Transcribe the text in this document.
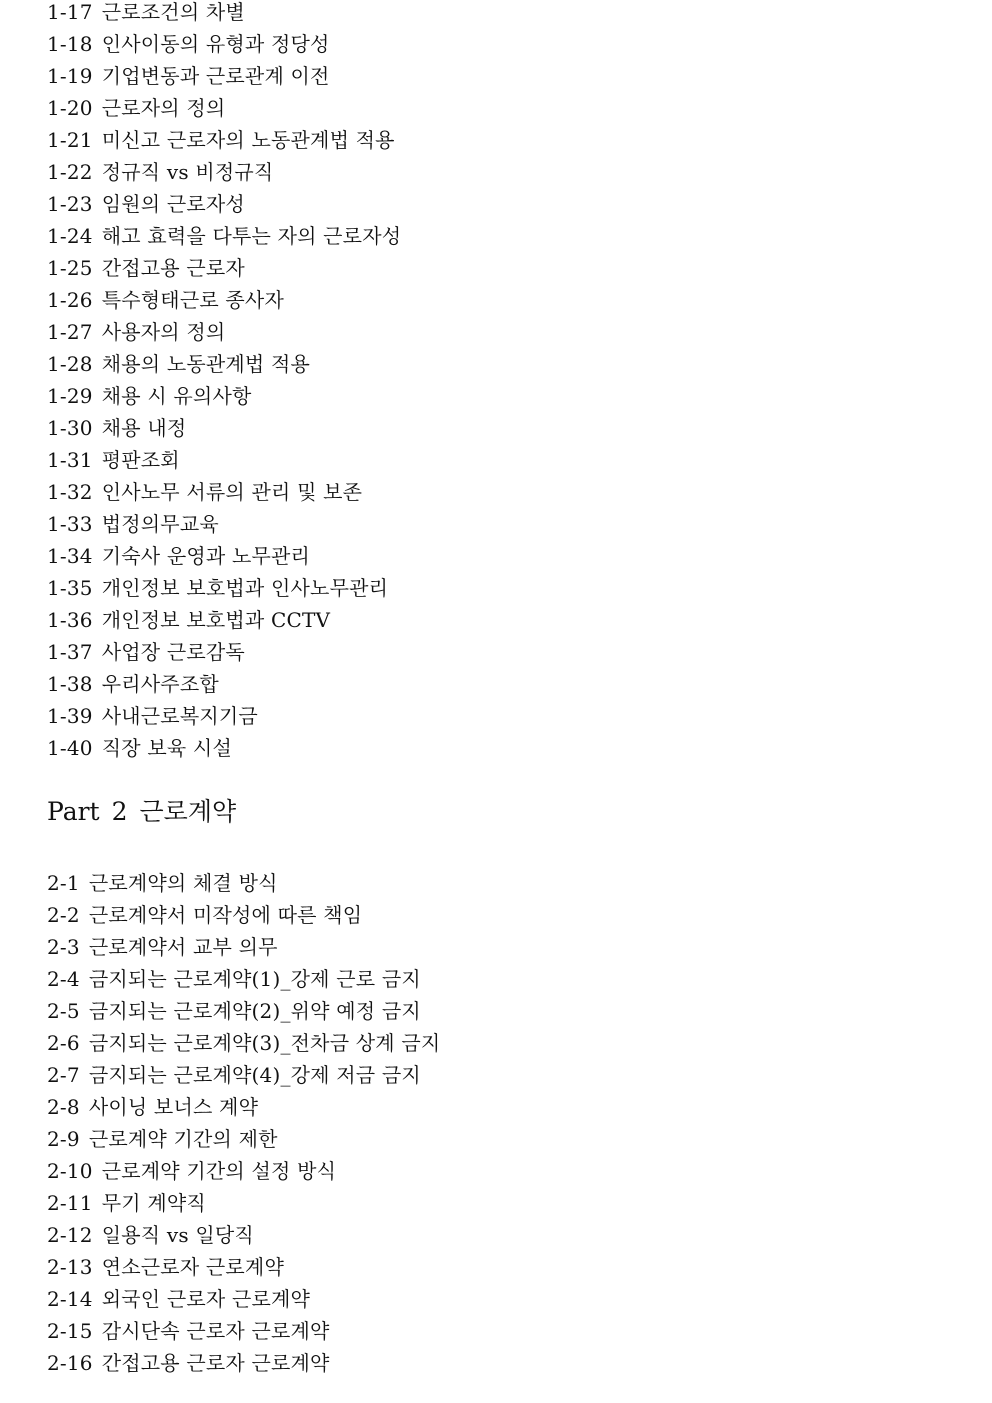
1-17 근로조건의 차별
1-18 인사이동의 유형과 정당성
1-19 기업변동과 근로관계 이전
1-20 근로자의 정의
1-21 미신고 근로자의 노동관계법 적용
1-22 정규직 vs 비정규직
1-23 임원의 근로자성
1-24 해고 효력을 다투는 자의 근로자성
1-25 간접고용 근로자
1-26 특수형태근로 종사자
1-27 사용자의 정의
1-28 채용의 노동관계법 적용
1-29 채용 시 유의사항
1-30 채용 내정
1-31 평판조회
1-32 인사노무 서류의 관리 및 보존
1-33 법정의무교육
1-34 기숙사 운영과 노무관리
1-35 개인정보 보호법과 인사노무관리
1-36 개인정보 보호법과 CCTV
1-37 사업장 근로감독
1-38 우리사주조합
1-39 사내근로복지기금
1-40 직장 보육 시설
Part 2 근로계약
2-1 근로계약의 체결 방식
2-2 근로계약서 미작성에 따른 책임
2-3 근로계약서 교부 의무
2-4 금지되는 근로계약(1)_강제 근로 금지
2-5 금지되는 근로계약(2)_위약 예정 금지
2-6 금지되는 근로계약(3)_전차금 상계 금지
2-7 금지되는 근로계약(4)_강제 저금 금지
2-8 사이닝 보너스 계약
2-9 근로계약 기간의 제한
2-10 근로계약 기간의 설정 방식
2-11 무기 계약직
2-12 일용직 vs 일당직
2-13 연소근로자 근로계약
2-14 외국인 근로자 근로계약
2-15 감시단속 근로자 근로계약
2-16 간접고용 근로자 근로계약
